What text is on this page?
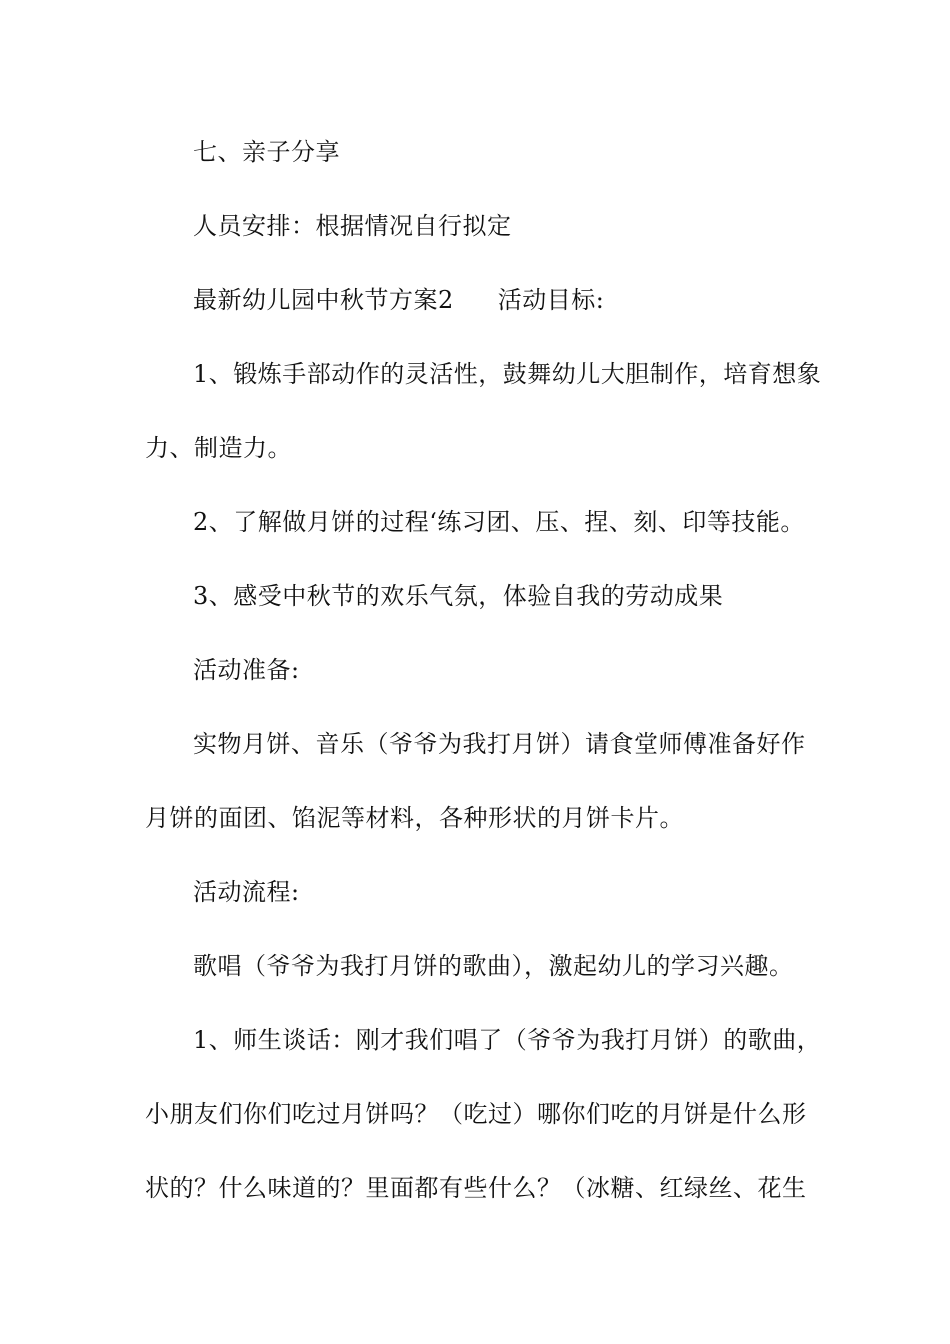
七、亲子分享
人员安排：根据情况自行拟定
最新幼儿园中秋节方案2 活动目标:
1、锻炼手部动作的灵活性，鼓舞幼儿大胆制作，培育想象
力、制造力。
2、了解做月饼的过程‘练习团、压、捏、刻、印等技能。
3、感受中秋节的欢乐气氛，体验自我的劳动成果
活动准备:
实物月饼、音乐（爷爷为我打月饼）请食堂师傅准备好作
月饼的面团、馅泥等材料，各种形状的月饼卡片。
活动流程:
歌唱（爷爷为我打月饼的歌曲），激起幼儿的学习兴趣。
1、师生谈话：刚才我们唱了（爷爷为我打月饼）的歌曲，
小朋友们你们吃过月饼吗？（吃过）哪你们吃的月饼是什么形
状的？什么味道的？里面都有些什么？（冰糖、红绿丝、花生
